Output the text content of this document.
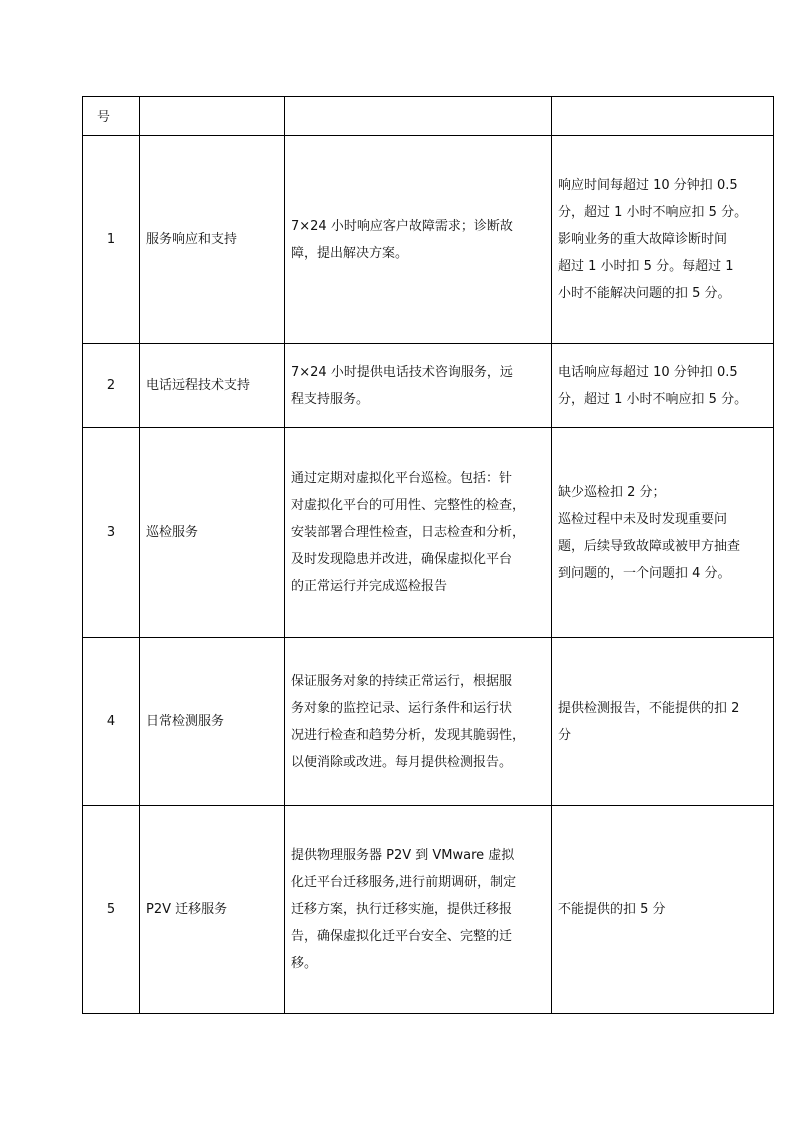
号			
1	服务响应和支持	7×24 小时响应客户故障需求；诊断故
障，提出解决方案。	响应时间每超过 10 分钟扣 0.5
分，超过 1 小时不响应扣 5 分。
影响业务的重大故障诊断时间
超过 1 小时扣 5 分。每超过 1
小时不能解决问题的扣 5 分。

2	电话远程技术支持	7×24 小时提供电话技术咨询服务，远
程支持服务。	电话响应每超过 10 分钟扣 0.5
分，超过 1 小时不响应扣 5 分。

3	巡检服务	通过定期对虚拟化平台巡检。包括：针
对虚拟化平台的可用性、完整性的检查，
安装部署合理性检查，日志检查和分析，
及时发现隐患并改进，确保虚拟化平台
的正常运行并完成巡检报告	缺少巡检扣 2 分；
巡检过程中未及时发现重要问
题，后续导致故障或被甲方抽查
到问题的，一个问题扣 4 分。

4	日常检测服务	保证服务对象的持续正常运行，根据服
务对象的监控记录、运行条件和运行状
况进行检查和趋势分析，发现其脆弱性，
以便消除或改进。每月提供检测报告。	提供检测报告，不能提供的扣 2
分

5	P2V 迁移服务	提供物理服务器 P2V 到 VMware 虚拟
化迁平台迁移服务,进行前期调研，制定
迁移方案，执行迁移实施，提供迁移报
告，确保虚拟化迁平台安全、完整的迁
移。	不能提供的扣 5 分
